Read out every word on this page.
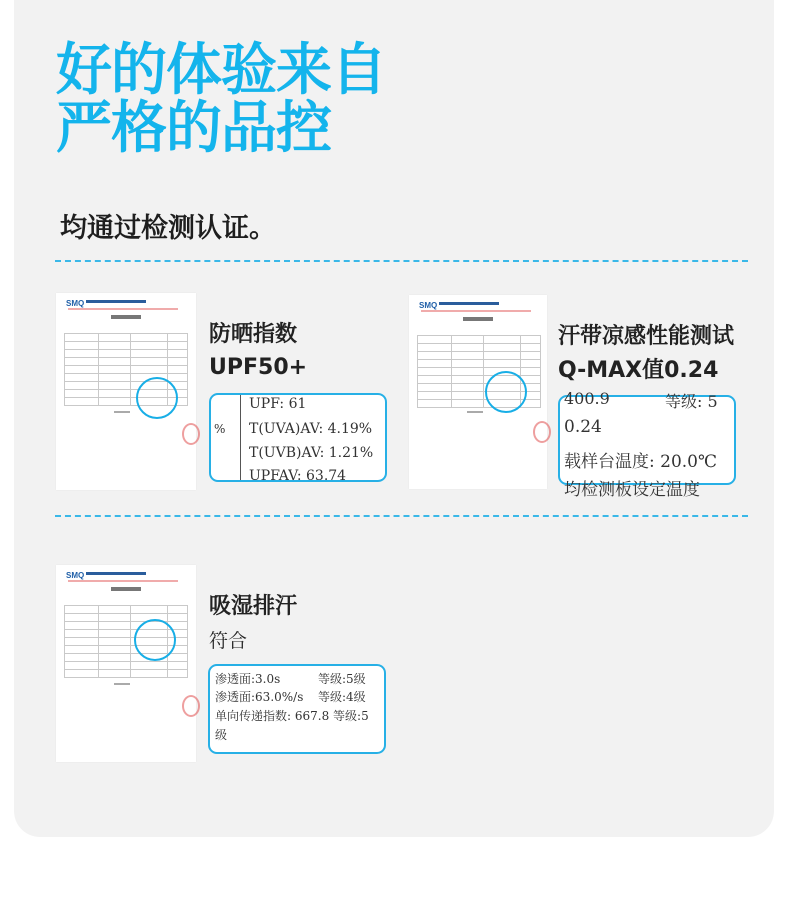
好的体验来自
严格的品控
均通过检测认证。
SMQ

防晒指数
UPF50+
%
UPF: 61
T(UVA)AV: 4.19%
T(UVB)AV: 1.21%
UPFAV: 63.74
SMQ

汗带凉感性能测试
Q-MAX值0.24
400.9	等级: 5
0.24
载样台温度: 20.0℃
均检测板设定温度
SMQ

吸湿排汗
符合
渗透面:3.0s	等级:5级
渗透面:63.0%/s 等级:4级
单向传递指数: 667.8 等级:5
级
